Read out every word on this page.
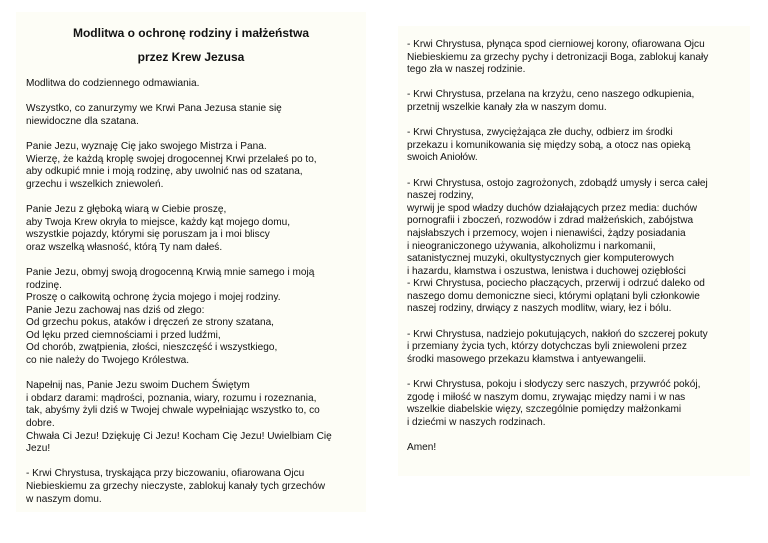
Modlitwa o ochronę rodziny i małżeństwa

przez Krew Jezusa

Modlitwa do codziennego odmawiania.

Wszystko, co zanurzymy we Krwi Pana Jezusa stanie się
niewidoczne dla szatana.

Panie Jezu, wyznaję Cię jako swojego Mistrza i Pana.
Wierzę, że każdą kroplę swojej drogocennej Krwi przelałeś po to,
aby odkupić mnie i moją rodzinę, aby uwolnić nas od szatana,
grzechu i wszelkich zniewoleń.

Panie Jezu z głęboką wiarą w Ciebie proszę,
aby Twoja Krew okryła to miejsce, każdy kąt mojego domu,
wszystkie pojazdy, którymi się poruszam ja i moi bliscy
oraz wszelką własność, którą Ty nam dałeś.

Panie Jezu, obmyj swoją drogocenną Krwią mnie samego i moją
rodzinę.
Proszę o całkowitą ochronę życia mojego i mojej rodziny.
Panie Jezu zachowaj nas dziś od złego:
Od grzechu pokus, ataków i dręczeń ze strony szatana,
Od lęku przed ciemnościami i przed ludźmi,
Od chorób, zwątpienia, złości, nieszczęść i wszystkiego,
co nie należy do Twojego Królestwa.

Napełnij nas, Panie Jezu swoim Duchem Świętym
i obdarz darami: mądrości, poznania, wiary, rozumu i rozeznania,
tak, abyśmy żyli dziś w Twojej chwale wypełniając wszystko to, co
dobre.
Chwała Ci Jezu! Dziękuję Ci Jezu! Kocham Cię Jezu! Uwielbiam Cię
Jezu!

- Krwi Chrystusa, tryskająca przy biczowaniu, ofiarowana Ojcu
Niebieskiemu za grzechy nieczyste, zablokuj kanały tych grzechów
w naszym domu.

- Krwi Chrystusa, płynąca spod cierniowej korony, ofiarowana Ojcu
Niebieskiemu za grzechy pychy i detronizacji Boga, zablokuj kanały
tego zła w naszej rodzinie.

- Krwi Chrystusa, przelana na krzyżu, ceno naszego odkupienia,
przetnij wszelkie kanały zła w naszym domu.

- Krwi Chrystusa, zwyciężająca złe duchy, odbierz im środki
przekazu i komunikowania się między sobą, a otocz nas opieką
swoich Aniołów.

- Krwi Chrystusa, ostojo zagrożonych, zdobądź umysły i serca całej
naszej rodziny,
wyrwij je spod władzy duchów działających przez media: duchów
pornografii i zboczeń, rozwodów i zdrad małżeńskich, zabójstwa
najsłabszych i przemocy, wojen i nienawiści, żądzy posiadania
i nieograniczonego używania, alkoholizmu i narkomanii,
satanistycznej muzyki, okultystycznych gier komputerowych
i hazardu, kłamstwa i oszustwa, lenistwa i duchowej oziębłości
- Krwi Chrystusa, pociecho płaczących, przerwij i odrzuć daleko od
naszego domu demoniczne sieci, którymi oplątani byli członkowie
naszej rodziny, drwiący z naszych modlitw, wiary, łez i bólu.

- Krwi Chrystusa, nadziejo pokutujących, nakłoń do szczerej pokuty
i przemiany życia tych, którzy dotychczas byli zniewoleni przez
środki masowego przekazu kłamstwa i antyewangelii.

- Krwi Chrystusa, pokoju i słodyczy serc naszych, przywróć pokój,
zgodę i miłość w naszym domu, zrywając między nami i w nas
wszelkie diabelskie więzy, szczególnie pomiędzy małżonkami
i dziećmi w naszych rodzinach.

Amen!
